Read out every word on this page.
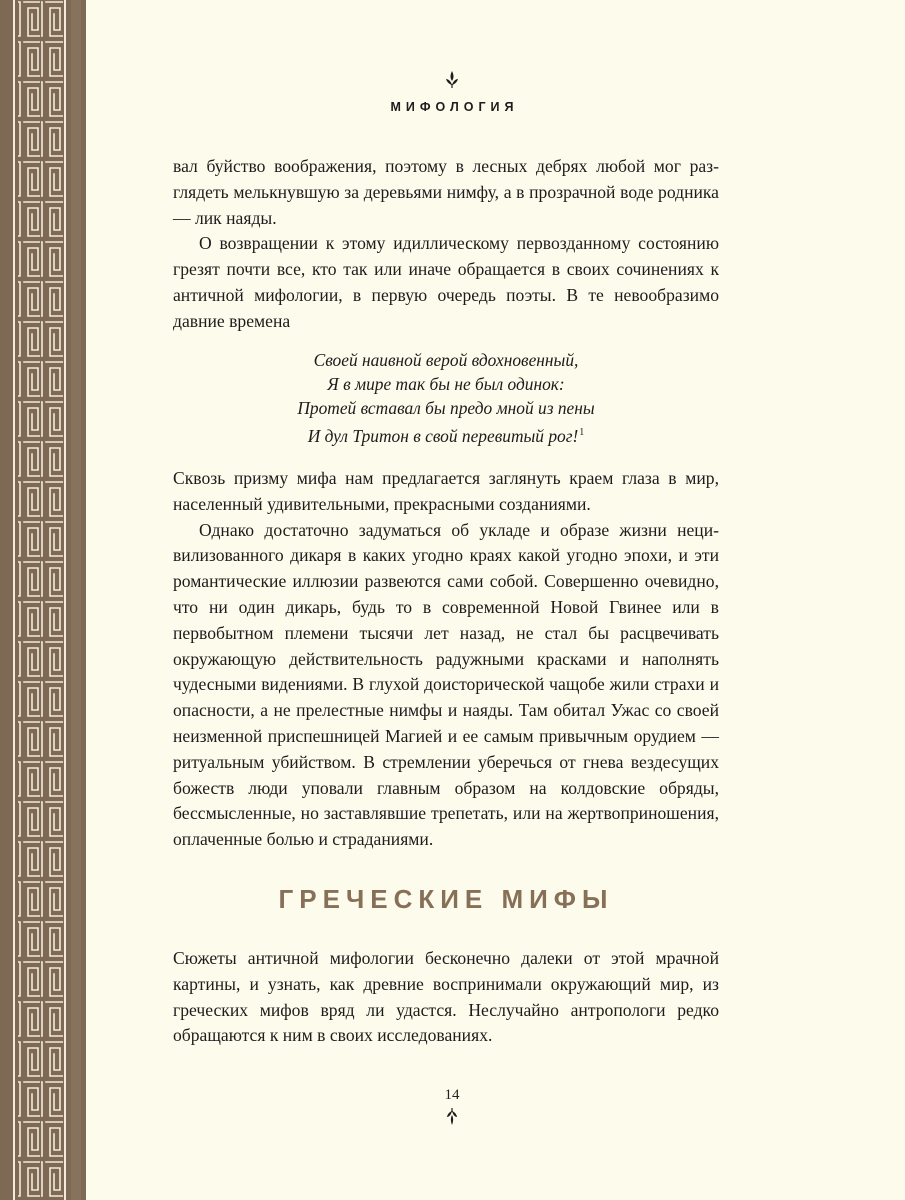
МИФОЛОГИЯ

вал буйство воображения, поэтому в лесных дебрях любой мог разглядеть мелькнувшую за деревьями нимфу, а в прозрачной воде родника — лик наяды.

О возвращении к этому идиллическому первозданному состоянию грезят почти все, кто так или иначе обращается в своих сочинениях к античной мифологии, в первую очередь поэты. В те невообразимо давние времена

Своей наивной верой вдохновенный,
Я в мире так бы не был одинок:
Протей вставал бы предо мной из пены
И дул Тритон в свой перевитый рог!$^1$

Сквозь призму мифа нам предлагается заглянуть краем глаза в мир, населенный удивительными, прекрасными созданиями.

Однако достаточно задуматься об укладе и образе жизни нецивилизованного дикаря в каких угодно краях какой угодно эпохи, и эти романтические иллюзии развеются сами собой. Совершенно очевидно, что ни один дикарь, будь то в современной Новой Гвинее или в первобытном племени тысячи лет назад, не стал бы расцвечивать окружающую действительность радужными красками и наполнять чудесными видениями. В глухой доисторической чащобе жили страхи и опасности, а не прелестные нимфы и наяды. Там обитал Ужас со своей неизменной приспешницей Магией и ее самым привычным орудием — ритуальным убийством. В стремлении уберечься от гнева вездесущих божеств люди уповали главным образом на колдовские обряды, бессмысленные, но заставлявшие трепетать, или на жертвоприношения, оплаченные болью и страданиями.

ГРЕЧЕСКИЕ МИФЫ

Сюжеты античной мифологии бесконечно далеки от этой мрачной картины, и узнать, как древние воспринимали окружающий мир, из греческих мифов вряд ли удастся. Неслучайно антропологи редко обращаются к ним в своих исследованиях.

14
